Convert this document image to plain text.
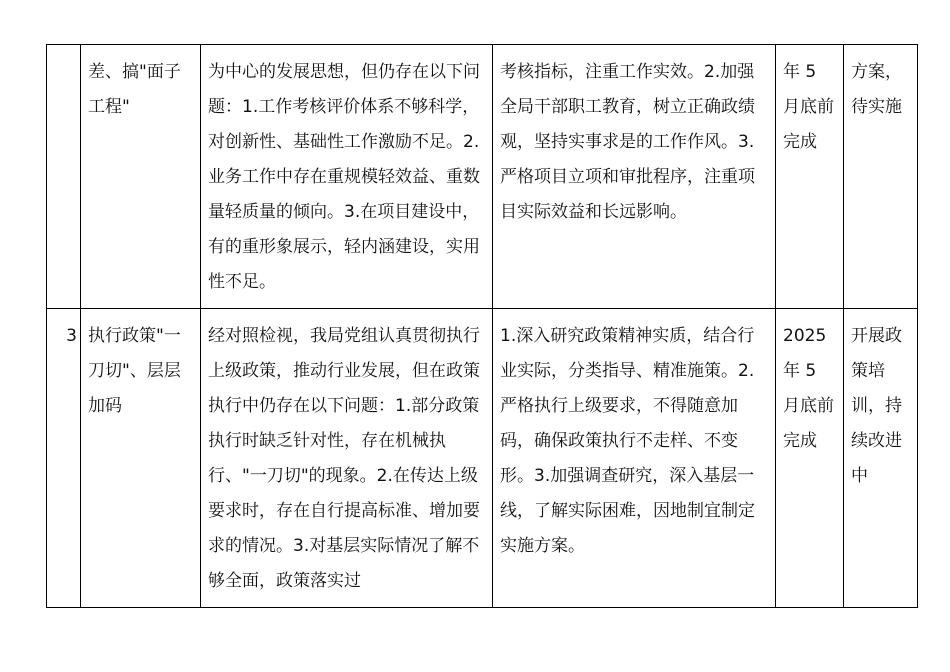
	差、搞"面子工程"	为中心的发展思想，但仍存在以下问题：1.工作考核评价体系不够科学，对创新性、基础性工作激励不足。2.业务工作中存在重规模轻效益、重数量轻质量的倾向。3.在项目建设中，有的重形象展示，轻内涵建设，实用性不足。	考核指标，注重工作实效。2.加强全局干部职工教育，树立正确政绩观，坚持实事求是的工作作风。3.严格项目立项和审批程序，注重项目实际效益和长远影响。	年 5 月底前完成	方案，待实施

3	执行政策"一刀切"、层层加码	经对照检视，我局党组认真贯彻执行上级政策，推动行业发展，但在政策执行中仍存在以下问题：1.部分政策执行时缺乏针对性，存在机械执行、"一刀切"的现象。2.在传达上级要求时，存在自行提高标准、增加要求的情况。3.对基层实际情况了解不够全面，政策落实过	1.深入研究政策精神实质，结合行业实际，分类指导、精准施策。2.严格执行上级要求，不得随意加码，确保政策执行不走样、不变形。3.加强调查研究，深入基层一线，了解实际困难，因地制宜制定实施方案。	2025 年 5 月底前完成	开展政策培训，持续改进中
